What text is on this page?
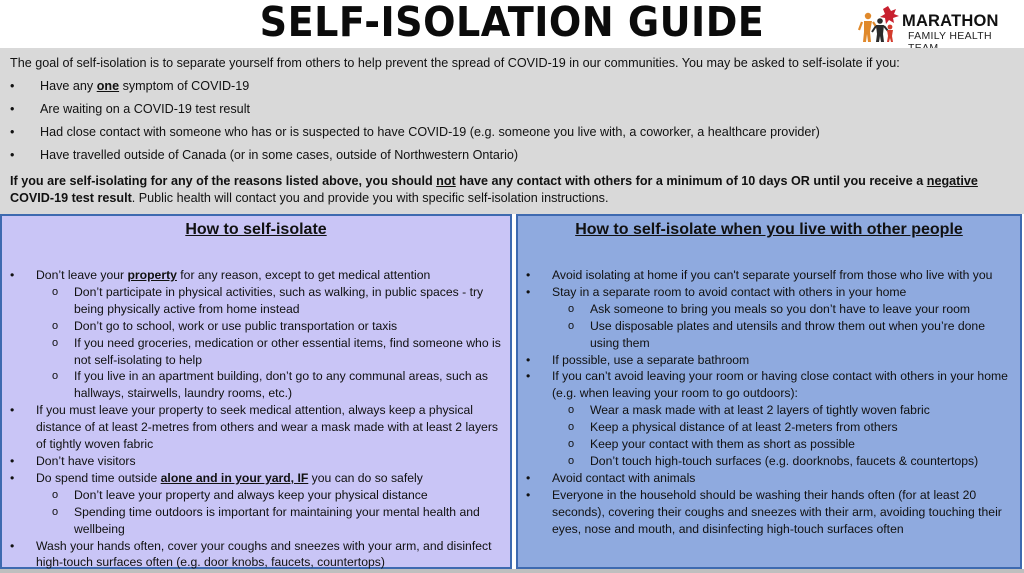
SELF-ISOLATION GUIDE	MARATHON
FAMILY HEALTH
The goal of self-isolation is to separate yourself from others to help prevent the spread of COVID-19 in our communities. You may be asked to self-isolate if you:
• Have any one symptom of COVID-19
• Are waiting on a COVID-19 test result
• Had close contact with someone who has or is suspected to have COVID-19 (e.g. someone you live with, a coworker, a healthcare provider)
• Have travelled outside of Canada (or in some cases, outside of Northwestern Ontario)
If you are self-isolating for any of the reasons listed above, you should not have any contact with others for a minimum of 10 days OR until you receive a negative COVID-19 test result. Public health will contact you and provide you with specific self-isolation instructions.
How to self-isolate
• Don’t leave your property for any reason, except to get medical attention
o Don’t participate in physical activities, such as walking, in public spaces - try being physically active from home instead
o Don’t go to school, work or use public transportation or taxis
o If you need groceries, medication or other essential items, find someone who is not self-isolating to help
o If you live in an apartment building, don’t go to any communal areas, such as hallways, stairwells, laundry rooms, etc.)
• If you must leave your property to seek medical attention, always keep a physical distance of at least 2-metres from others and wear a mask made with at least 2 layers of tightly woven fabric
• Don’t have visitors
• Do spend time outside alone and in your yard, IF you can do so safely
o Don’t leave your property and always keep your physical distance
o Spending time outdoors is important for maintaining your mental health and wellbeing
• Wash your hands often, cover your coughs and sneezes with your arm, and disinfect high-touch surfaces often (e.g. door knobs, faucets, countertops)
How to self-isolate when you live with other people
• Avoid isolating at home if you can't separate yourself from those who live with you
• Stay in a separate room to avoid contact with others in your home
o Ask someone to bring you meals so you don’t have to leave your room
o Use disposable plates and utensils and throw them out when you’re done using them
• If possible, use a separate bathroom
• If you can’t avoid leaving your room or having close contact with others in your home (e.g. when leaving your room to go outdoors):
o Wear a mask made with at least 2 layers of tightly woven fabric
o Keep a physical distance of at least 2-meters from others
o Keep your contact with them as short as possible
o Don’t touch high-touch surfaces (e.g. doorknobs, faucets & countertops)
• Avoid contact with animals
• Everyone in the household should be washing their hands often (for at least 20 seconds), covering their coughs and sneezes with their arm, avoiding touching their eyes, nose and mouth, and disinfecting high-touch surfaces often
